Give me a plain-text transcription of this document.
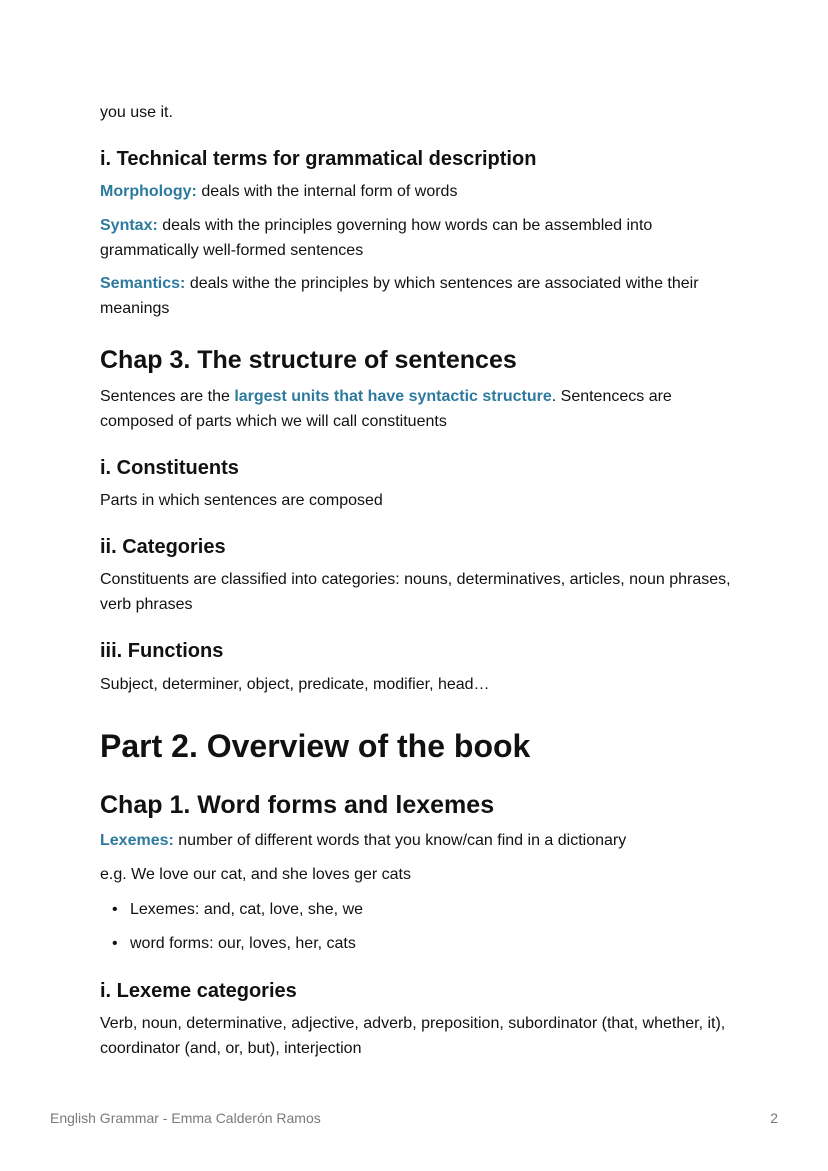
you use it.

i. Technical terms for grammatical description

Morphology: deals with the internal form of words

Syntax: deals with the principles governing how words can be assembled into grammatically well-formed sentences

Semantics: deals withe the principles by which sentences are associated withe their meanings

Chap 3. The structure of sentences

Sentences are the largest units that have syntactic structure. Sentencecs are composed of parts which we will call constituents

i. Constituents

Parts in which sentences are composed

ii. Categories

Constituents are classified into categories: nouns, determinatives, articles, noun phrases, verb phrases

iii. Functions

Subject, determiner, object, predicate, modifier, head…

Part 2. Overview of the book
Chap 1. Word forms and lexemes

Lexemes: number of different words that you know/can find in a dictionary

e.g. We love our cat, and she loves ger cats

• Lexemes: and, cat, love, she, we
• word forms: our, loves, her, cats
i. Lexeme categories

Verb, noun, determinative, adjective, adverb, preposition, subordinator (that, whether, it), coordinator (and, or, but), interjection

English Grammar - Emma Calderón Ramos	2
